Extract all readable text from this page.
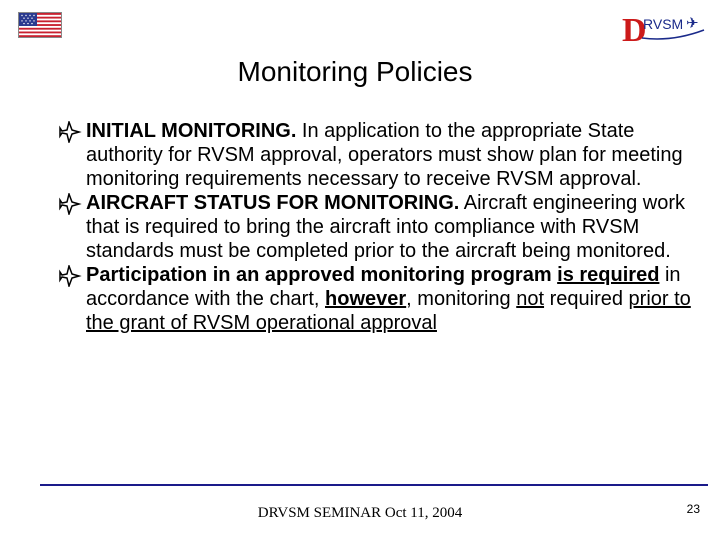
D
RVSM ✈
Monitoring Policies
INITIAL MONITORING. In application to the appropriate State authority for RVSM approval, operators must show plan for meeting monitoring requirements necessary to receive RVSM approval.
AIRCRAFT STATUS FOR MONITORING. Aircraft engineering work that is required to bring the aircraft into compliance with RVSM standards must be completed prior to the aircraft being monitored.
Participation in an approved monitoring program is required in accordance with the chart, however, monitoring not required prior to the grant of RVSM operational approval
DRVSM SEMINAR Oct 11, 2004	23
